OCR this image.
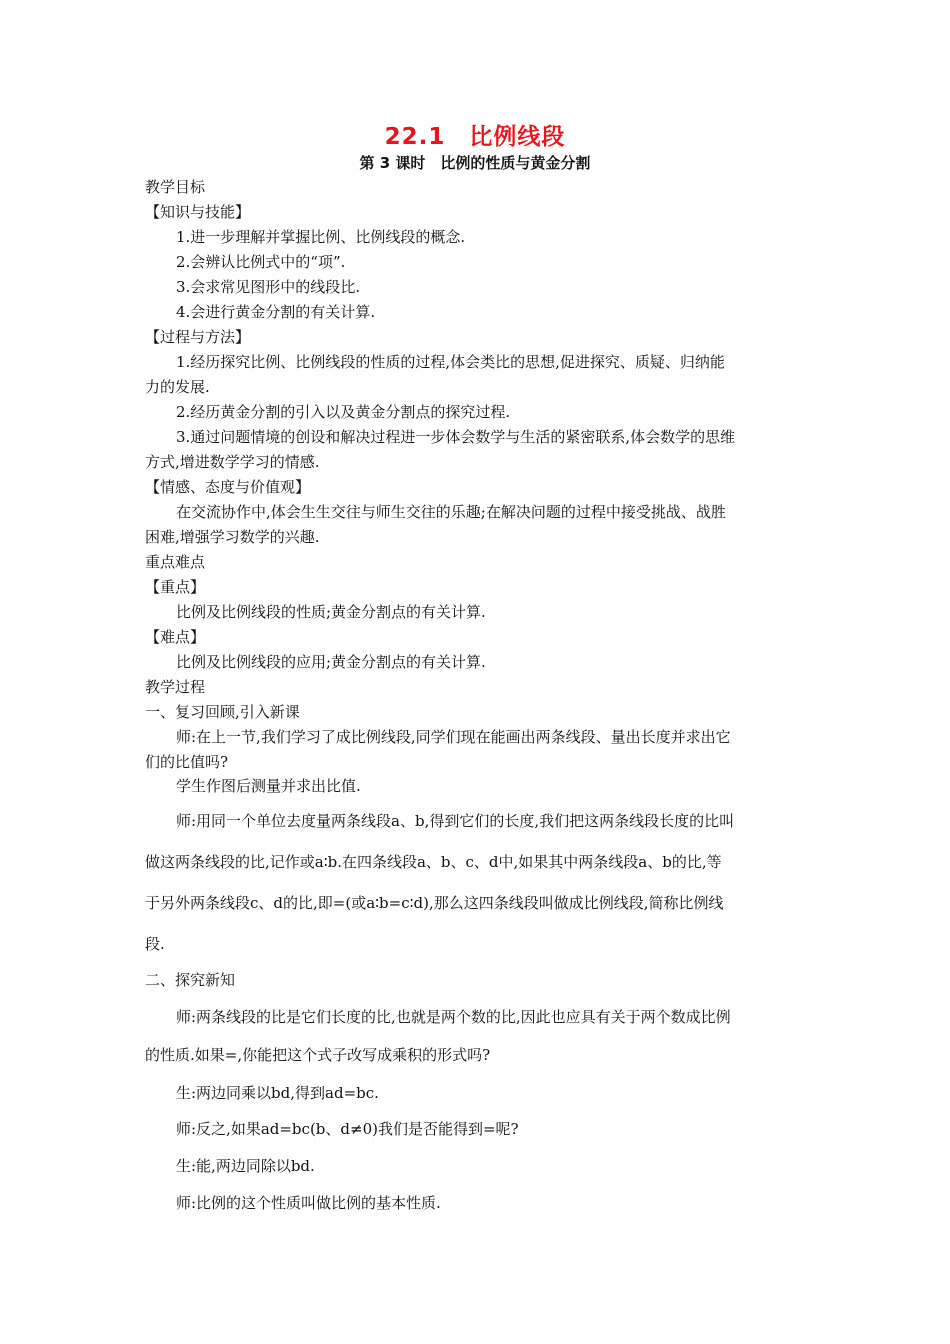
22.1　比例线段
第 3 课时　比例的性质与黄金分割
教学目标
【知识与技能】
1.进一步理解并掌握比例、比例线段的概念.
2.会辨认比例式中的“项”.
3.会求常见图形中的线段比.
4.会进行黄金分割的有关计算.
【过程与方法】
1.经历探究比例、比例线段的性质的过程,体会类比的思想,促进探究、质疑、归纳能
力的发展.
2.经历黄金分割的引入以及黄金分割点的探究过程.
3.通过问题情境的创设和解决过程进一步体会数学与生活的紧密联系,体会数学的思维
方式,增进数学学习的情感.
【情感、态度与价值观】
在交流协作中,体会生生交往与师生交往的乐趣;在解决问题的过程中接受挑战、战胜
困难,增强学习数学的兴趣.
重点难点
【重点】
比例及比例线段的性质;黄金分割点的有关计算.
【难点】
比例及比例线段的应用;黄金分割点的有关计算.
教学过程
一、复习回顾,引入新课
师:在上一节,我们学习了成比例线段,同学们现在能画出两条线段、量出长度并求出它
们的比值吗?
学生作图后测量并求出比值.
师:用同一个单位去度量两条线段a、b,得到它们的长度,我们把这两条线段长度的比叫
做这两条线段的比,记作或a∶b.在四条线段a、b、c、d中,如果其中两条线段a、b的比,等
于另外两条线段c、d的比,即=(或a∶b=c∶d),那么这四条线段叫做成比例线段,简称比例线
段.
二、探究新知
师:两条线段的比是它们长度的比,也就是两个数的比,因此也应具有关于两个数成比例
的性质.如果=,你能把这个式子改写成乘积的形式吗?
生:两边同乘以bd,得到ad=bc.
师:反之,如果ad=bc(b、d≠0)我们是否能得到=呢?
生:能,两边同除以bd.
师:比例的这个性质叫做比例的基本性质.
